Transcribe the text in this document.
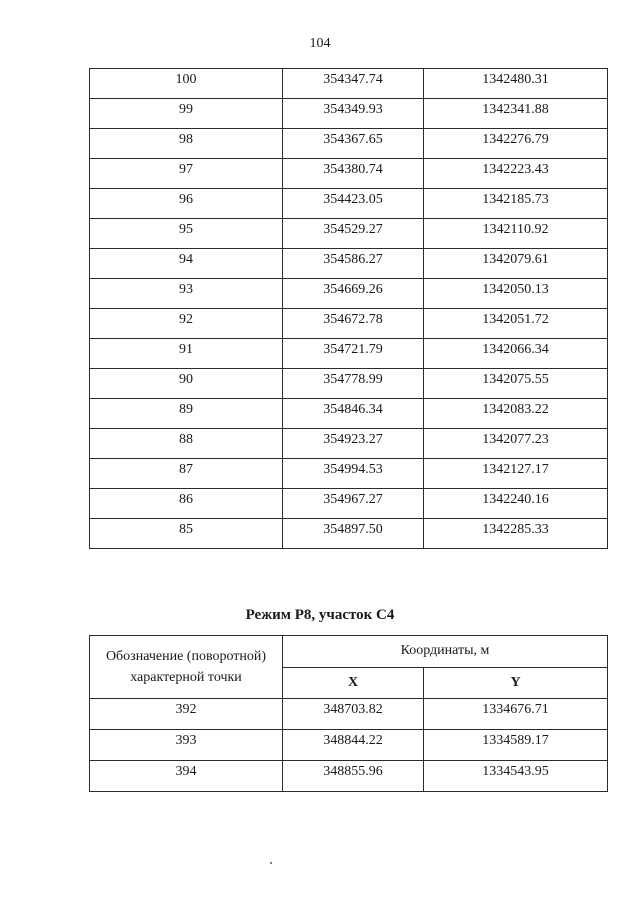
104
100	354347.74	1342480.31
99	354349.93	1342341.88
98	354367.65	1342276.79
97	354380.74	1342223.43
96	354423.05	1342185.73
95	354529.27	1342110.92
94	354586.27	1342079.61
93	354669.26	1342050.13
92	354672.78	1342051.72
91	354721.79	1342066.34
90	354778.99	1342075.55
89	354846.34	1342083.22
88	354923.27	1342077.23
87	354994.53	1342127.17
86	354967.27	1342240.16
85	354897.50	1342285.33
Режим Р8, участок С4
Обозначение (поворотной)
характерной точки	Координаты, м	
	X	Y
392	348703.82	1334676.71
393	348844.22	1334589.17
394	348855.96	1334543.95
